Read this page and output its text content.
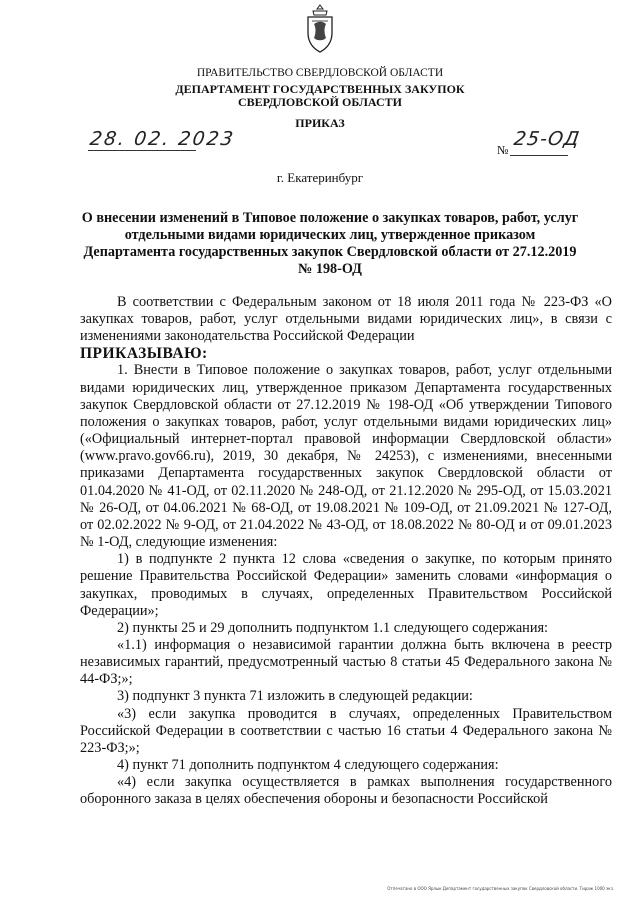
ПРАВИТЕЛЬСТВО СВЕРДЛОВСКОЙ ОБЛАСТИ
ДЕПАРТАМЕНТ ГОСУДАРСТВЕННЫХ ЗАКУПОК
СВЕРДЛОВСКОЙ ОБЛАСТИ
ПРИКАЗ
28. 02. 2023	№ 25-ОД
г. Екатеринбург
О внесении изменений в Типовое положение о закупках товаров, работ, услуг отдельными видами юридических лиц, утвержденное приказом Департамента государственных закупок Свердловской области от 27.12.2019 № 198-ОД

В соответствии с Федеральным законом от 18 июля 2011 года № 223-ФЗ «О закупках товаров, работ, услуг отдельными видами юридических лиц», в связи с изменениями законодательства Российской Федерации

ПРИКАЗЫВАЮ:

1. Внести в Типовое положение о закупках товаров, работ, услуг отдельными видами юридических лиц, утвержденное приказом Департамента государственных закупок Свердловской области от 27.12.2019 № 198-ОД «Об утверждении Типового положения о закупках товаров, работ, услуг отдельными видами юридических лиц» («Официальный интернет-портал правовой информации Свердловской области» (www.pravo.gov66.ru), 2019, 30 декабря, № 24253), с изменениями, внесенными приказами Департамента государственных закупок Свердловской области от 01.04.2020 № 41-ОД, от 02.11.2020 № 248-ОД, от 21.12.2020 № 295-ОД, от 15.03.2021 № 26-ОД, от 04.06.2021 № 68-ОД, от 19.08.2021 № 109-ОД, от 21.09.2021 № 127-ОД, от 02.02.2022 № 9-ОД, от 21.04.2022 № 43-ОД, от 18.08.2022 № 80-ОД и от 09.01.2023 № 1-ОД, следующие изменения:

1) в подпункте 2 пункта 12 слова «сведения о закупке, по которым принято решение Правительства Российской Федерации» заменить словами «информация о закупках, проводимых в случаях, определенных Правительством Российской Федерации»;

2) пункты 25 и 29 дополнить подпунктом 1.1 следующего содержания:

«1.1) информация о независимой гарантии должна быть включена в реестр независимых гарантий, предусмотренный частью 8 статьи 45 Федерального закона № 44-ФЗ;»;

3) подпункт 3 пункта 71 изложить в следующей редакции:

«3) если закупка проводится в случаях, определенных Правительством Российской Федерации в соответствии с частью 16 статьи 4 Федерального закона № 223-ФЗ;»;

4) пункт 71 дополнить подпунктом 4 следующего содержания:

«4) если закупка осуществляется в рамках выполнения государственного оборонного заказа в целях обеспечения обороны и безопасности Российской

Отпечатано в ООО Ярлык Департамент государственных закупок Свердловской области. Тираж 1000 экз.
